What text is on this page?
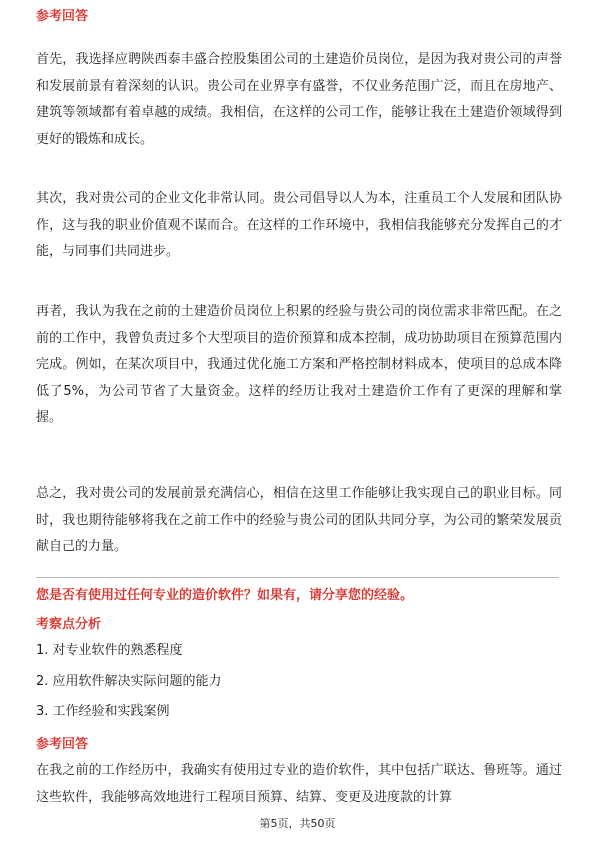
参考回答

首先，我选择应聘陕西泰丰盛合控股集团公司的土建造价员岗位，是因为我对贵公司的声誉和发展前景有着深刻的认识。贵公司在业界享有盛誉，不仅业务范围广泛，而且在房地产、建筑等领域都有着卓越的成绩。我相信，在这样的公司工作，能够让我在土建造价领域得到更好的锻炼和成长。

其次，我对贵公司的企业文化非常认同。贵公司倡导以人为本，注重员工个人发展和团队协作，这与我的职业价值观不谋而合。在这样的工作环境中，我相信我能够充分发挥自己的才能，与同事们共同进步。

再者，我认为我在之前的土建造价员岗位上积累的经验与贵公司的岗位需求非常匹配。在之前的工作中，我曾负责过多个大型项目的造价预算和成本控制，成功协助项目在预算范围内完成。例如，在某次项目中，我通过优化施工方案和严格控制材料成本，使项目的总成本降低了5%，为公司节省了大量资金。这样的经历让我对土建造价工作有了更深的理解和掌握。

总之，我对贵公司的发展前景充满信心，相信在这里工作能够让我实现自己的职业目标。同时，我也期待能够将我在之前工作中的经验与贵公司的团队共同分享，为公司的繁荣发展贡献自己的力量。

您是否有使用过任何专业的造价软件？如果有，请分享您的经验。
考察点分析
1. 对专业软件的熟悉程度
2. 应用软件解决实际问题的能力
3. 工作经验和实践案例
参考回答

在我之前的工作经历中，我确实有使用过专业的造价软件，其中包括广联达、鲁班等。通过这些软件，我能够高效地进行工程项目预算、结算、变更及进度款的计算

第5页，共50页
